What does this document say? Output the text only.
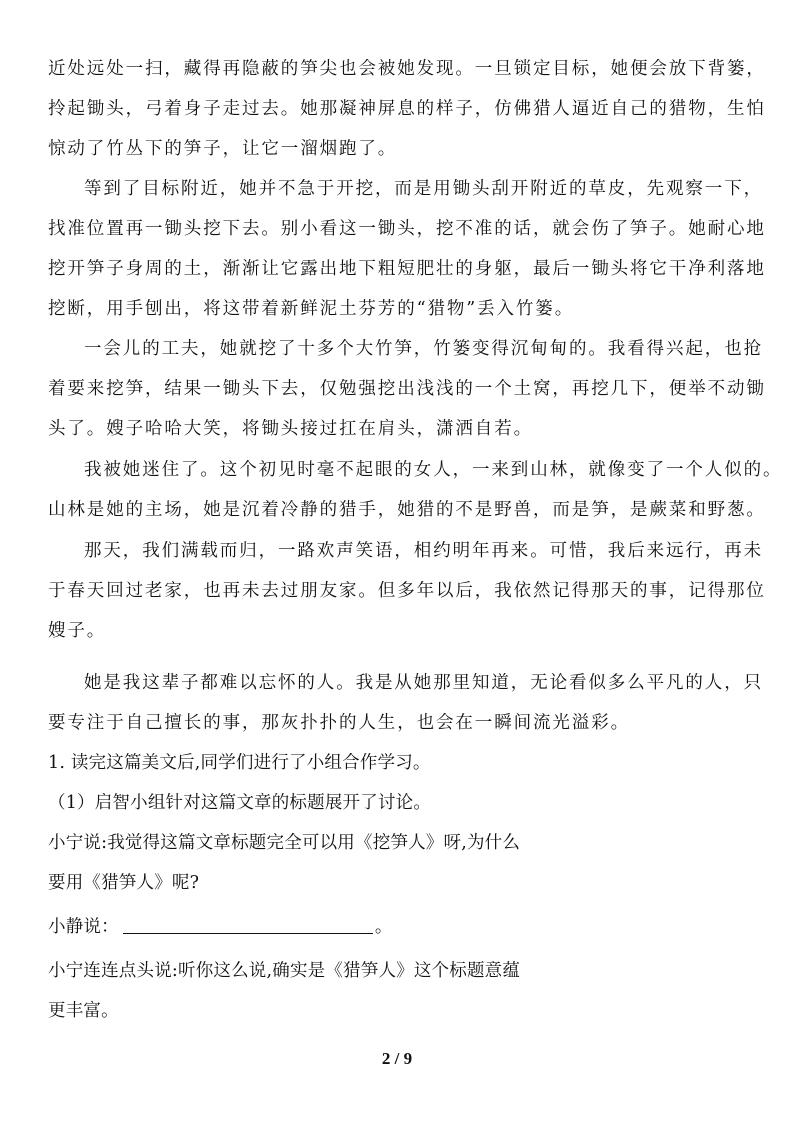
近处远处一扫，藏得再隐蔽的笋尖也会被她发现。一旦锁定目标，她便会放下背篓，
拎起锄头，弓着身子走过去。她那凝神屏息的样子，仿佛猎人逼近自己的猎物，生怕
惊动了竹丛下的笋子，让它一溜烟跑了。
等到了目标附近，她并不急于开挖，而是用锄头刮开附近的草皮，先观察一下，
找准位置再一锄头挖下去。别小看这一锄头，挖不准的话，就会伤了笋子。她耐心地
挖开笋子身周的土，渐渐让它露出地下粗短肥壮的身躯，最后一锄头将它干净利落地
挖断，用手刨出，将这带着新鲜泥土芬芳的“猎物”丢入竹篓。
一会儿的工夫，她就挖了十多个大竹笋，竹篓变得沉甸甸的。我看得兴起，也抢
着要来挖笋，结果一锄头下去，仅勉强挖出浅浅的一个土窝，再挖几下，便举不动锄
头了。嫂子哈哈大笑，将锄头接过扛在肩头，潇洒自若。
我被她迷住了。这个初见时毫不起眼的女人，一来到山林，就像变了一个人似的。
山林是她的主场，她是沉着冷静的猎手，她猎的不是野兽，而是笋，是蕨菜和野葱。
那天，我们满载而归，一路欢声笑语，相约明年再来。可惜，我后来远行，再未
于春天回过老家，也再未去过朋友家。但多年以后，我依然记得那天的事，记得那位
嫂子。
她是我这辈子都难以忘怀的人。我是从她那里知道，无论看似多么平凡的人，只
要专注于自己擅长的事，那灰扑扑的人生，也会在一瞬间流光溢彩。
1. 读完这篇美文后,同学们进行了小组合作学习。
（1）启智小组针对这篇文章的标题展开了讨论。
小宁说:我觉得这篇文章标题完全可以用《挖笋人》呀,为什么
要用《猎笋人》呢?
小静说：	。
小宁连连点头说:听你这么说,确实是《猎笋人》这个标题意蕴
更丰富。
2 / 9
